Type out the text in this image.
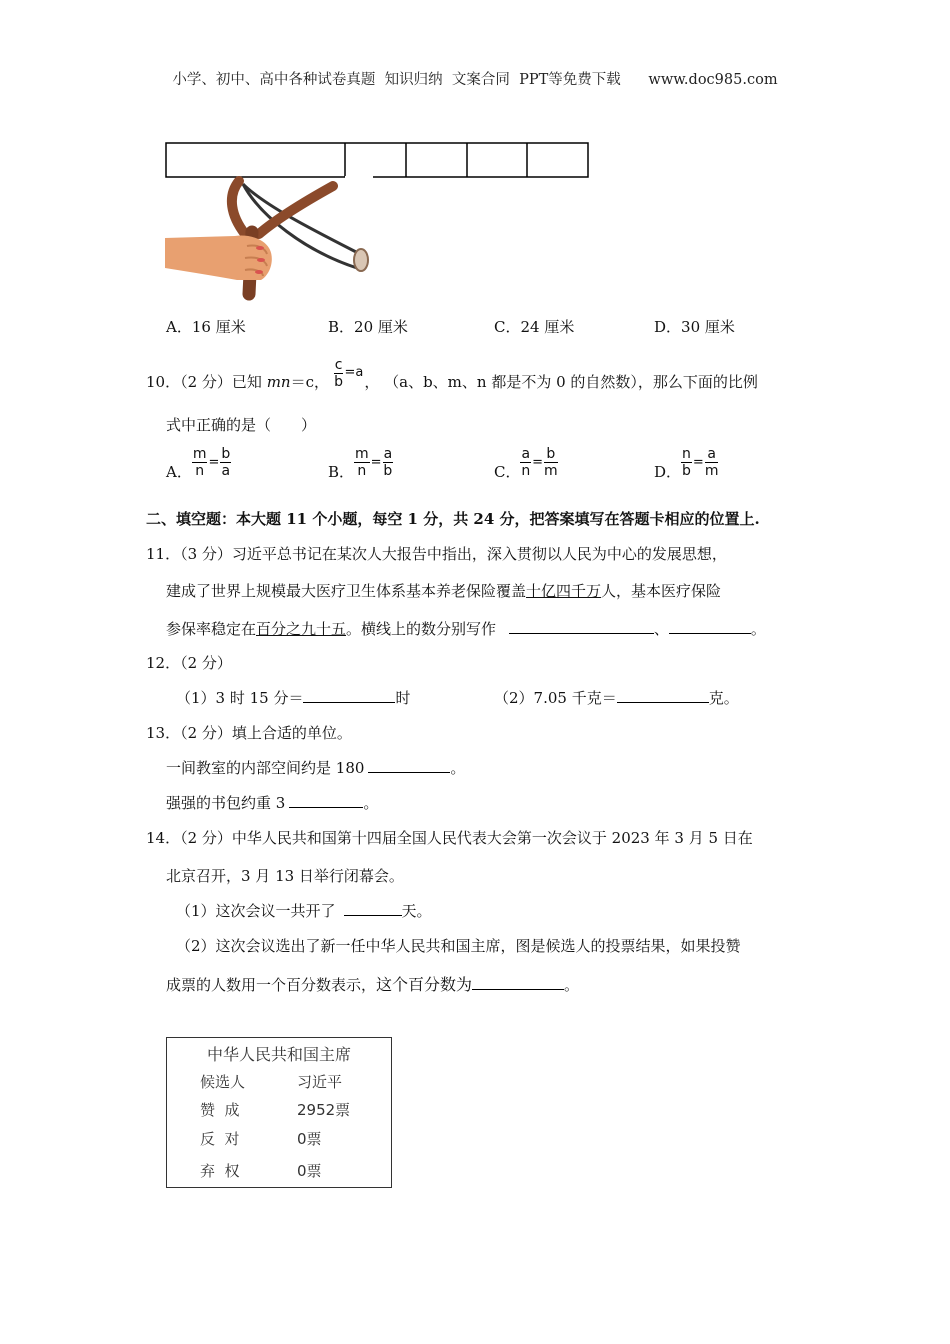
小学、初中、高中各种试卷真题  知识归纳  文案合同  PPT等免费下载 www.doc985.com
A．16 厘米	B．20 厘米	C．24 厘米	D．30 厘米
10．（2 分）已知 mn＝c， $\frac{c}{b} =a$， （a、b、m、n 都是不为 0 的自然数），那么下面的比例
式中正确的是（　　）
A． $\frac{m}{n} = \frac{b}{a}$	B． $\frac{m}{n} = \frac{a}{b}$	C． $\frac{a}{n} = \frac{b}{m}$	D． $\frac{n}{b} = \frac{a}{m}$
二、填空题：本大题 11 个小题，每空 1 分，共 24 分，把答案填写在答题卡相应的位置上.
11．（3 分）习近平总书记在某次人大报告中指出，深入贯彻以人民为中心的发展思想，
建成了世界上规模最大医疗卫生体系基本养老保险覆盖十亿四千万人，基本医疗保险
参保率稳定在百分之九十五。横线上的数分别写作	、	。
12．（2 分）
（1）3 时 15 分＝	时	（2）7.05 千克＝	克。
13．（2 分）填上合适的单位。
一间教室的内部空间约是 180	。
强强的书包约重 3	。
14．（2 分）中华人民共和国第十四届全国人民代表大会第一次会议于 2023 年 3 月 5 日在
北京召开，3 月 13 日举行闭幕会。
（1）这次会议一共开了	天。
（2）这次会议选出了新一任中华人民共和国主席，图是候选人的投票结果，如果投赞
成票的人数用一个百分数表示，这个百分数为	。
中华人民共和国主席
候选人	习近平
赞  成	2952票
反  对	0票
弃  权	0票
